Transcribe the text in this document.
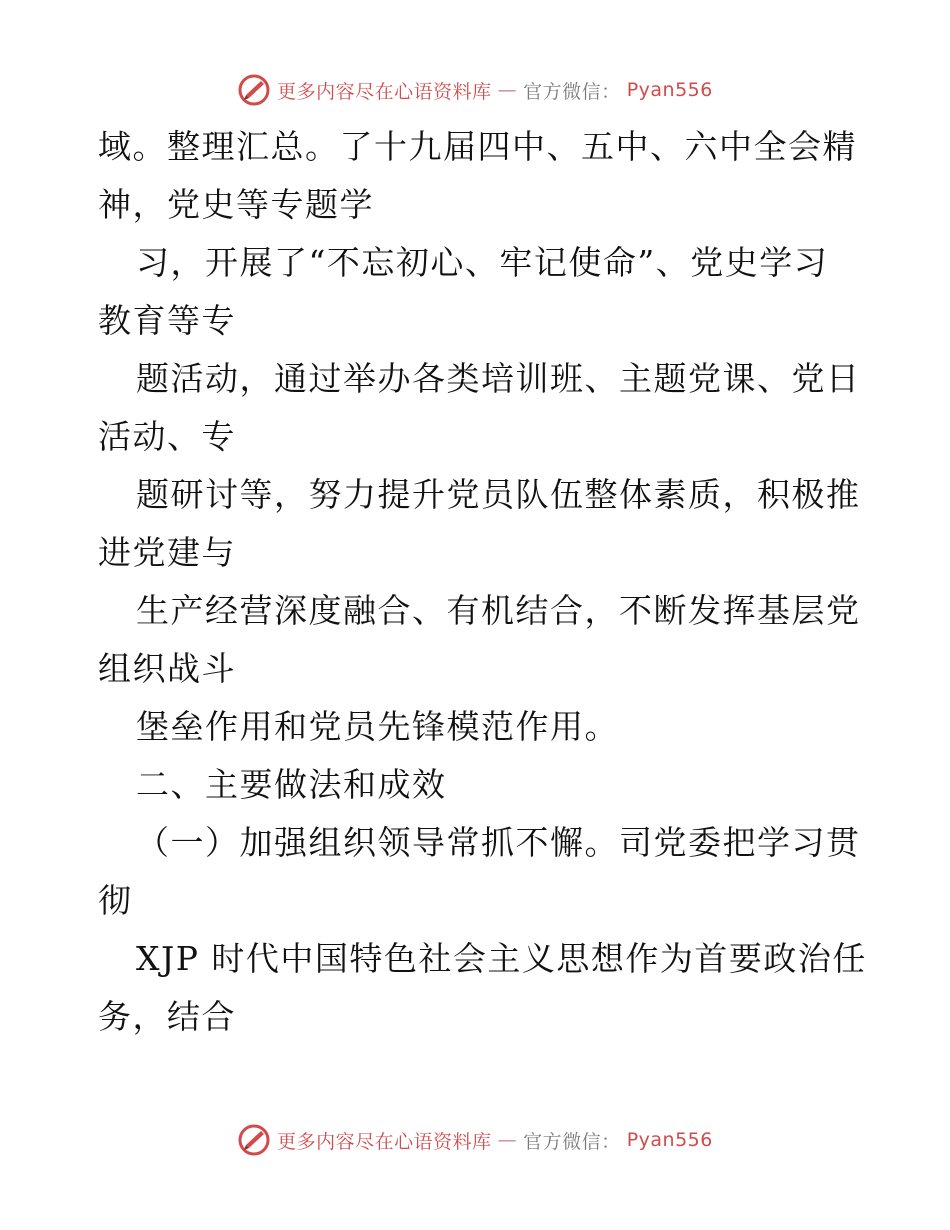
更多内容尽在心语资料库 — 官方微信： Pyan556
域。整理汇总。了十九届四中、五中、六中全会精
神，党史等专题学
习，开展了“不忘初心、牢记使命”、党史学习
教育等专
题活动，通过举办各类培训班、主题党课、党日
活动、专
题研讨等，努力提升党员队伍整体素质，积极推
进党建与
生产经营深度融合、有机结合，不断发挥基层党
组织战斗
堡垒作用和党员先锋模范作用。
二、主要做法和成效
（一）加强组织领导常抓不懈。司党委把学习贯
彻
XJP 时代中国特色社会主义思想作为首要政治任
务，结合
更多内容尽在心语资料库 — 官方微信： Pyan556
